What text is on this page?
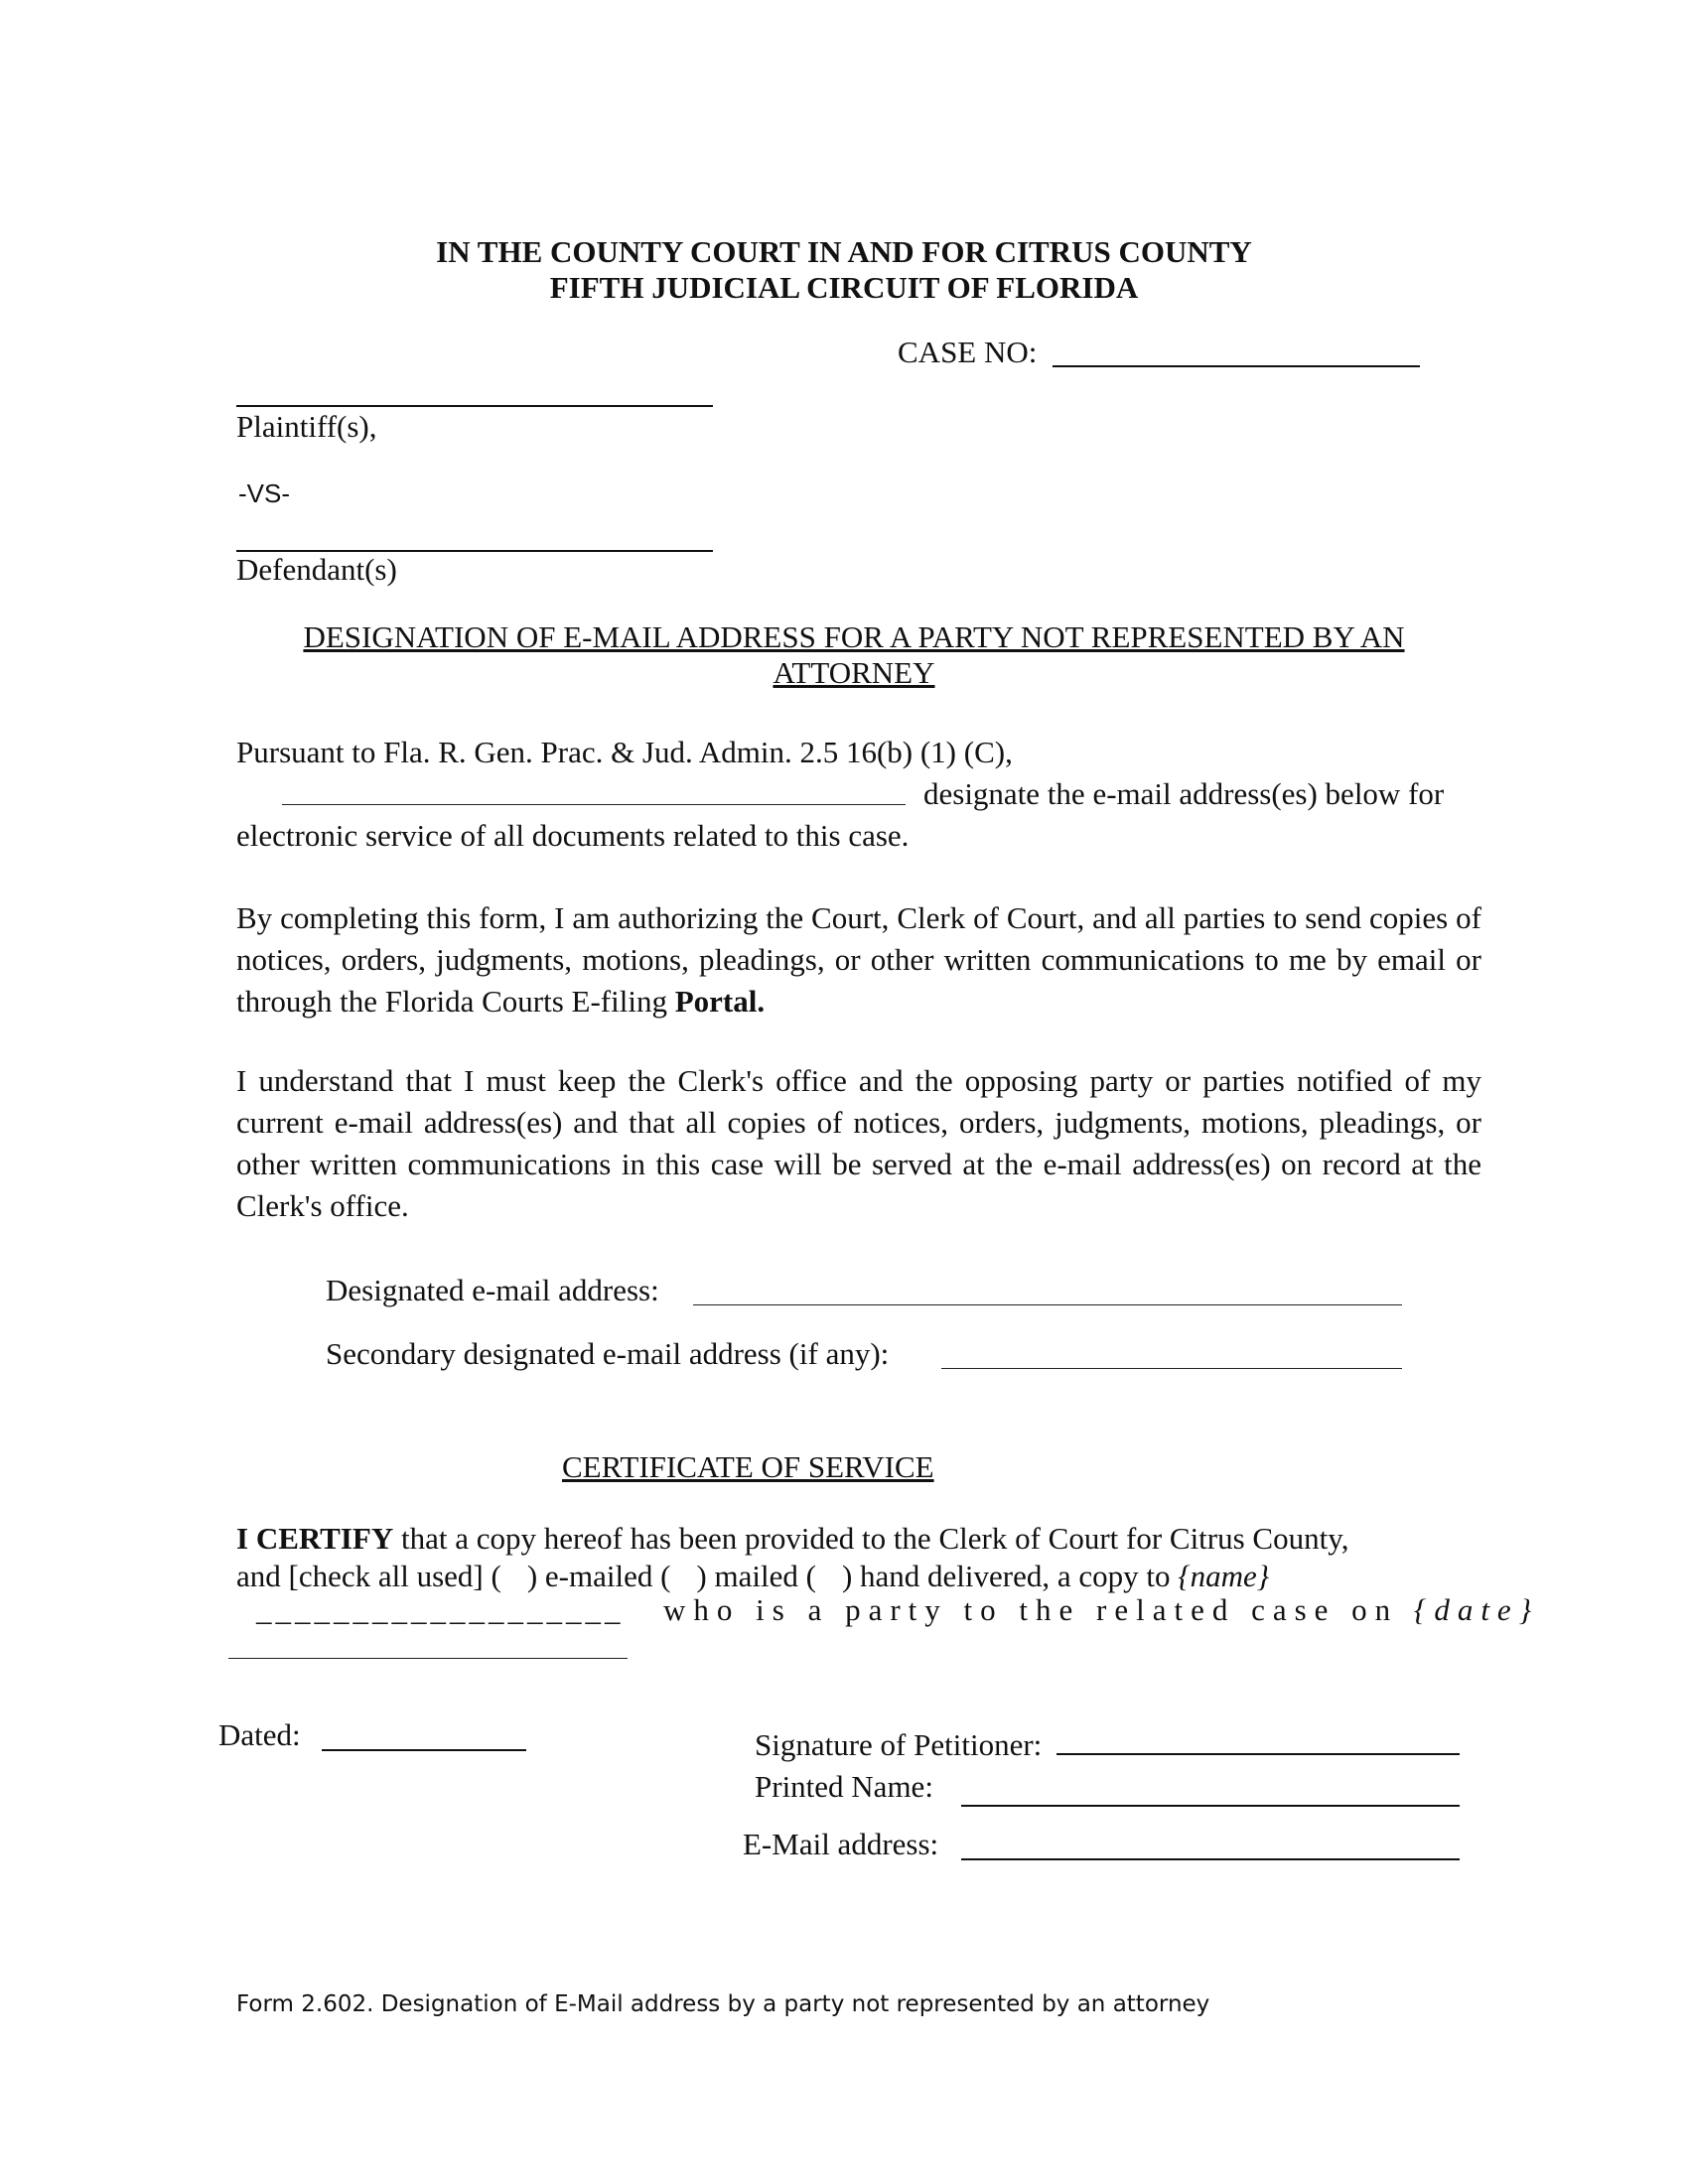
IN THE COUNTY COURT IN AND FOR CITRUS COUNTY
FIFTH JUDICIAL CIRCUIT OF FLORIDA
CASE NO:
Plaintiff(s),
-VS-
Defendant(s)
DESIGNATION OF E-MAIL ADDRESS FOR A PARTY NOT REPRESENTED BY AN
ATTORNEY
Pursuant to Fla. R. Gen. Prac. & Jud. Admin. 2.5 16(b) (1) (C),
designate the e-mail address(es) below for
electronic service of all documents related to this case.
By completing this form, I am authorizing the Court, Clerk of Court, and all parties to send copies of notices, orders, judgments, motions, pleadings, or other written communications to me by email or through the Florida Courts E-filing Portal.
I understand that I must keep the Clerk's office and the opposing party or parties notified of my current e-mail address(es) and that all copies of notices, orders, judgments, motions, pleadings, or other written communications in this case will be served at the e-mail address(es) on record at the Clerk's office.
Designated e-mail address:
Secondary designated e-mail address (if any):
CERTIFICATE OF SERVICE
I CERTIFY that a copy hereof has been provided to the Clerk of Court for Citrus County,
and [check all used] ( ) e-mailed ( ) mailed ( ) hand delivered, a copy to {name}
___________________ who is a party to the related case on {date}
Dated:	Signature of Petitioner:
Printed Name:
E-Mail address:
Form 2.602. Designation of E-Mail address by a party not represented by an attorney
